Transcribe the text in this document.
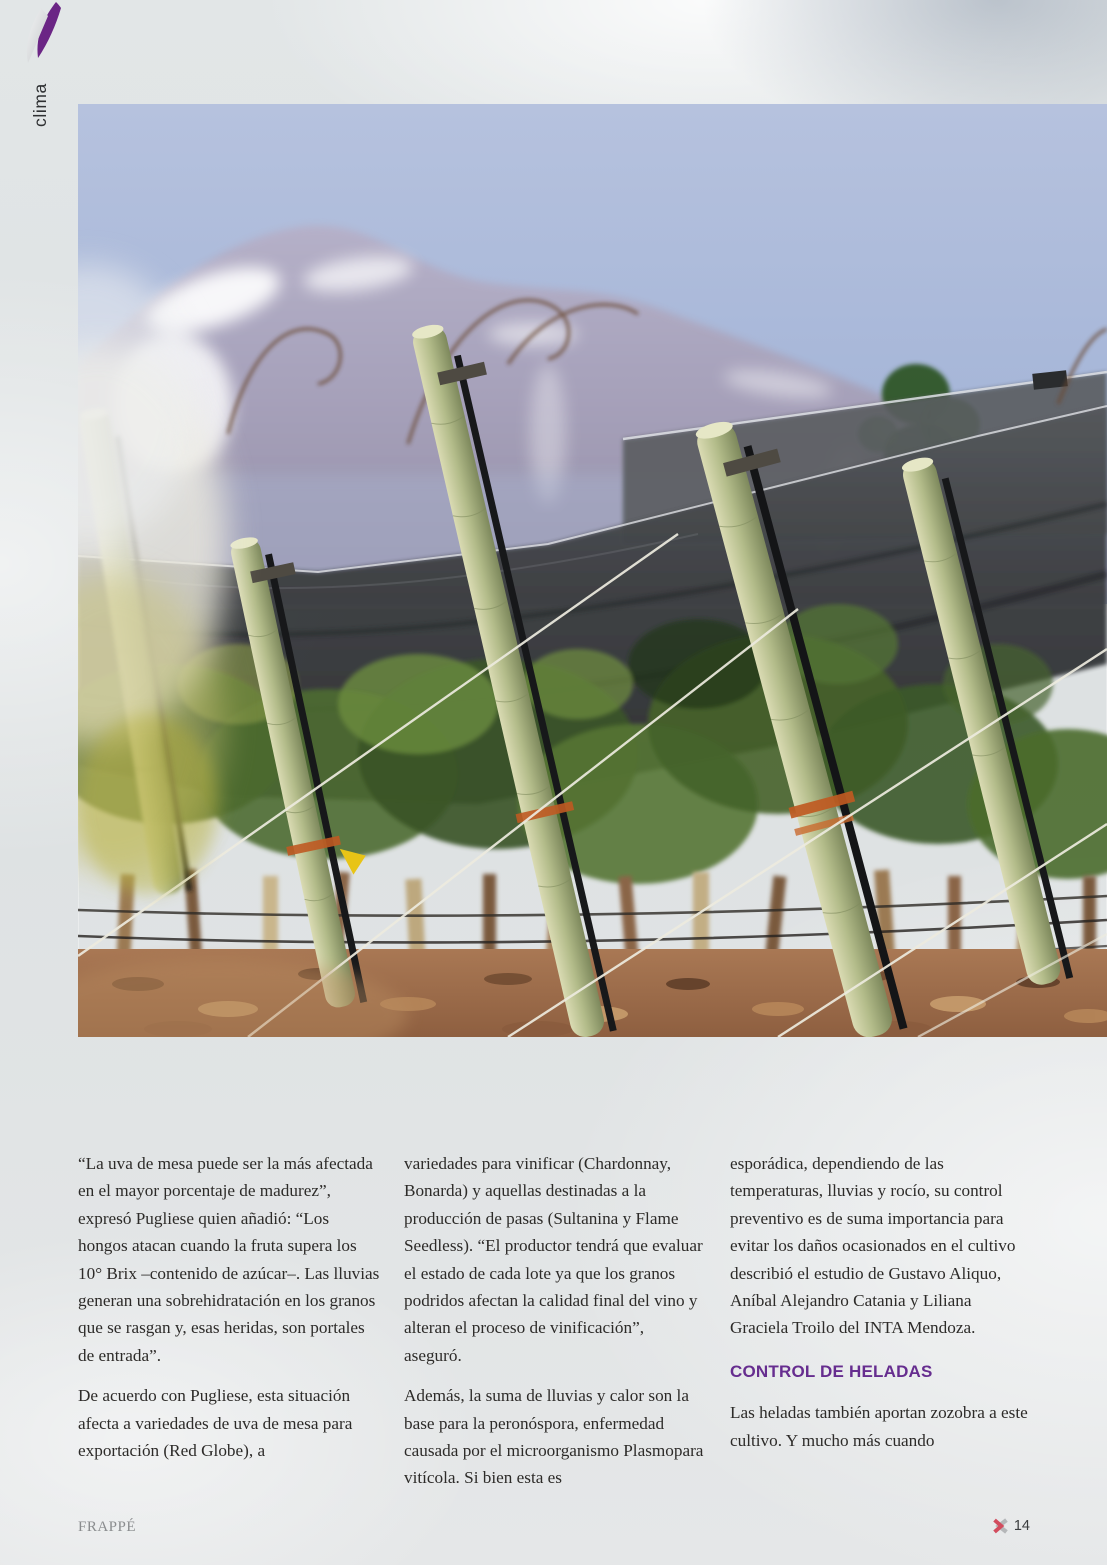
clima

“La uva de mesa puede ser la más afectada en el mayor porcentaje de madurez”, expresó Pugliese quien añadió: “Los hongos atacan cuando la fruta supera los 10° Brix –contenido de azúcar–. Las lluvias generan una sobrehidratación en los granos que se rasgan y, esas heridas, son portales de entrada”.

De acuerdo con Pugliese, esta situación afecta a variedades de uva de mesa para exportación (Red Globe), a

variedades para vinificar (Chardonnay, Bonarda) y aquellas destinadas a la producción de pasas (Sultanina y Flame Seedless). “El productor tendrá que evaluar el estado de cada lote ya que los granos podridos afectan la calidad final del vino y alteran el proceso de vinificación”, aseguró.

Además, la suma de lluvias y calor son la base para la peronóspora, enfermedad causada por el microorganismo Plasmopara vitícola. Si bien esta es

esporádica, dependiendo de las temperaturas, lluvias y rocío, su control preventivo es de suma importancia para evitar los daños ocasionados en el cultivo describió el estudio de Gustavo Aliquo, Aníbal Alejandro Catania y Liliana Graciela Troilo del INTA Mendoza.

CONTROL DE HELADAS

Las heladas también aportan zozobra a este cultivo. Y mucho más cuando

FRAPPÉ	14
